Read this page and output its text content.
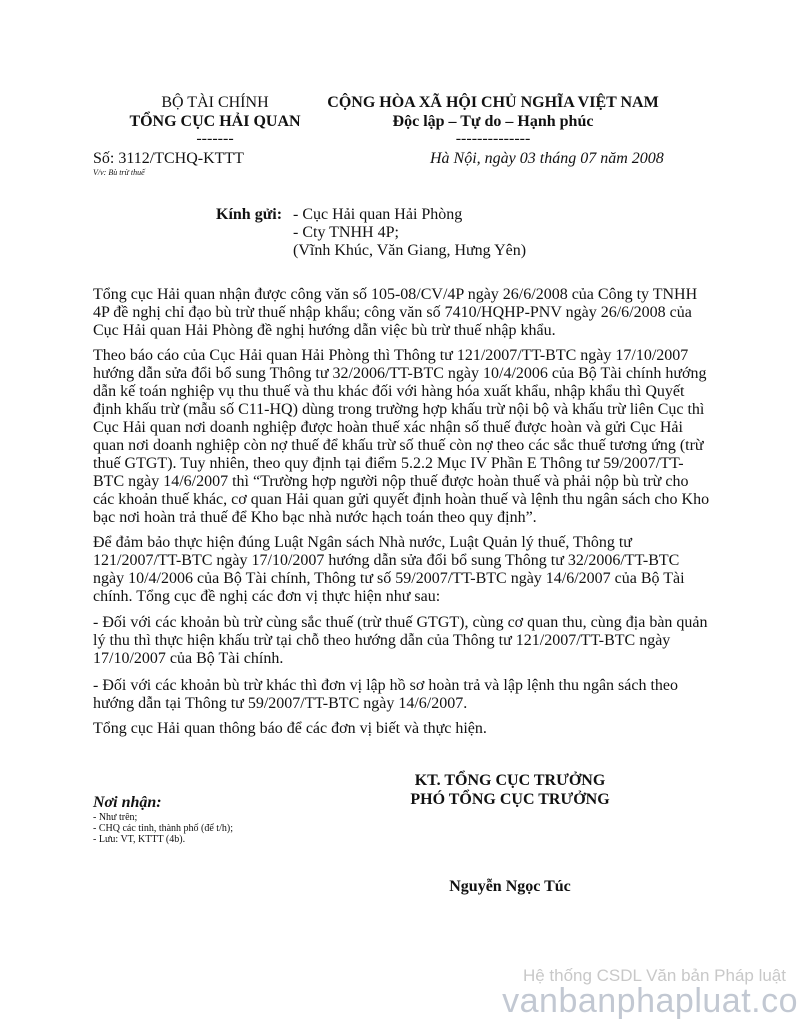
BỘ TÀI CHÍNH
TỔNG CỤC HẢI QUAN
-------
Số: 3112/TCHQ-KTTT
V/v: Bù trừ thuế
CỘNG HÒA XÃ HỘI CHỦ NGHĨA VIỆT NAM
Độc lập – Tự do – Hạnh phúc
--------------
Hà Nội, ngày 03 tháng 07 năm 2008
Kính gửi: - Cục Hải quan Hải Phòng
- Cty TNHH 4P;
(Vĩnh Khúc, Văn Giang, Hưng Yên)

Tổng cục Hải quan nhận được công văn số 105-08/CV/4P ngày 26/6/2008 của Công ty TNHH 4P đề nghị chỉ đạo bù trừ thuế nhập khẩu; công văn số 7410/HQHP-PNV ngày 26/6/2008 của Cục Hải quan Hải Phòng đề nghị hướng dẫn việc bù trừ thuế nhập khẩu.

Theo báo cáo của Cục Hải quan Hải Phòng thì Thông tư 121/2007/TT-BTC ngày 17/10/2007 hướng dẫn sửa đổi bổ sung Thông tư 32/2006/TT-BTC ngày 10/4/2006 của Bộ Tài chính hướng dẫn kế toán nghiệp vụ thu thuế và thu khác đối với hàng hóa xuất khẩu, nhập khẩu thì Quyết định khấu trừ (mẫu số C11-HQ) dùng trong trường hợp khấu trừ nội bộ và khấu trừ liên Cục thì Cục Hải quan nơi doanh nghiệp được hoàn thuế xác nhận số thuế được hoàn và gửi Cục Hải quan nơi doanh nghiệp còn nợ thuế để khấu trừ số thuế còn nợ theo các sắc thuế tương ứng (trừ thuế GTGT). Tuy nhiên, theo quy định tại điểm 5.2.2 Mục IV Phần E Thông tư 59/2007/TT-BTC ngày 14/6/2007 thì “Trường hợp người nộp thuế được hoàn thuế và phải nộp bù trừ cho các khoản thuế khác, cơ quan Hải quan gửi quyết định hoàn thuế và lệnh thu ngân sách cho Kho bạc nơi hoàn trả thuế để Kho bạc nhà nước hạch toán theo quy định”.

Để đảm bảo thực hiện đúng Luật Ngân sách Nhà nước, Luật Quản lý thuế, Thông tư 121/2007/TT-BTC ngày 17/10/2007 hướng dẫn sửa đổi bổ sung Thông tư 32/2006/TT-BTC ngày 10/4/2006 của Bộ Tài chính, Thông tư số 59/2007/TT-BTC ngày 14/6/2007 của Bộ Tài chính. Tổng cục đề nghị các đơn vị thực hiện như sau:

- Đối với các khoản bù trừ cùng sắc thuế (trừ thuế GTGT), cùng cơ quan thu, cùng địa bàn quản lý thu thì thực hiện khấu trừ tại chỗ theo hướng dẫn của Thông tư 121/2007/TT-BTC ngày 17/10/2007 của Bộ Tài chính.

- Đối với các khoản bù trừ khác thì đơn vị lập hồ sơ hoàn trả và lập lệnh thu ngân sách theo hướng dẫn tại Thông tư 59/2007/TT-BTC ngày 14/6/2007.

Tổng cục Hải quan thông báo để các đơn vị biết và thực hiện.

KT. TỔNG CỤC TRƯỞNG
PHÓ TỔNG CỤC TRƯỞNG
Nguyễn Ngọc Túc
Nơi nhận:
- Như trên;
- CHQ các tỉnh, thành phố (để t/h);
- Lưu: VT, KTTT (4b).
Hệ thống CSDL Văn bản Pháp luật
vanbanphapluat.co
